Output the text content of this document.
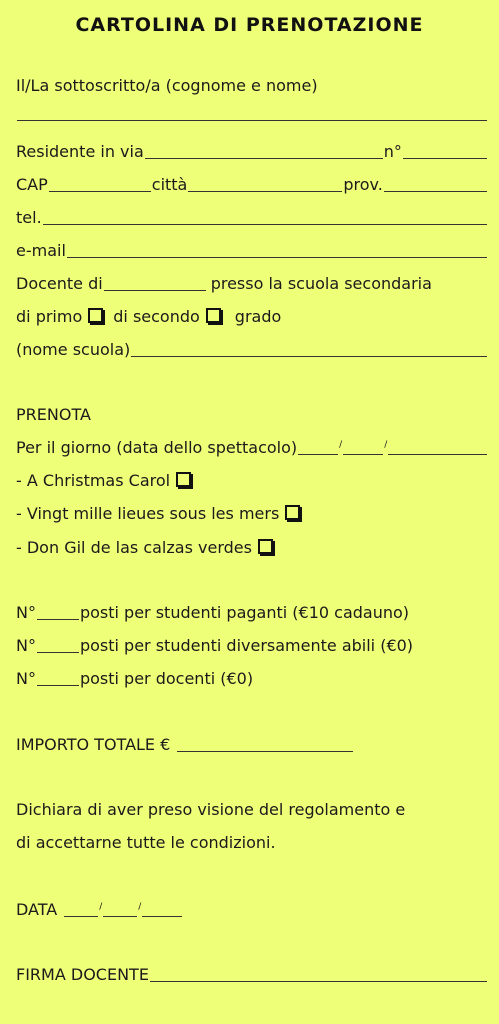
CARTOLINA DI PRENOTAZIONE
Il/La sottoscritto/a (cognome e nome)
Residente in via	n°
CAP	città	prov.
tel.
e-mail
Docente di	presso la scuola secondaria
di primo di secondo grado
(nome scuola)
PRENOTA
Per il giorno (data dello spettacolo)	/	/
- A Christmas Carol
- Vingt mille lieues sous les mers
- Don Gil de las calzas verdes
N°	posti per studenti paganti (€10 cadauno)
N°	posti per studenti diversamente abili (€0)
N°	posti per docenti (€0)
IMPORTO TOTALE €
Dichiara di aver preso visione del regolamento e
di accettarne tutte le condizioni.
DATA	/	/
FIRMA DOCENTE
